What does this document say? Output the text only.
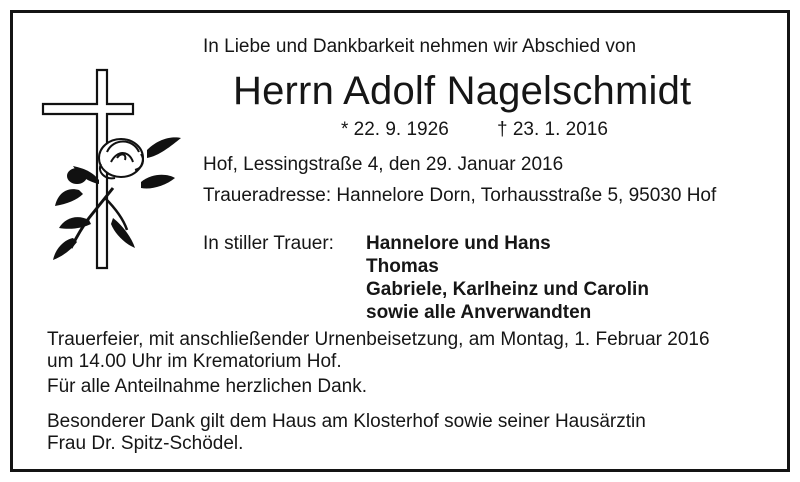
In Liebe und Dankbarkeit nehmen wir Abschied von
Herrn Adolf Nagelschmidt
* 22. 9. 1926	† 23. 1. 2016
Hof, Lessingstraße 4, den 29. Januar 2016
Traueradresse: Hannelore Dorn, Torhausstraße 5, 95030 Hof
In stiller Trauer: Hannelore und Hans
Thomas
Gabriele, Karlheinz und Carolin
sowie alle Anverwandten
Trauerfeier, mit anschließender Urnenbeisetzung, am Montag, 1. Februar 2016
um 14.00 Uhr im Krematorium Hof.
Für alle Anteilnahme herzlichen Dank.
Besonderer Dank gilt dem Haus am Klosterhof sowie seiner Hausärztin
Frau Dr. Spitz-Schödel.
